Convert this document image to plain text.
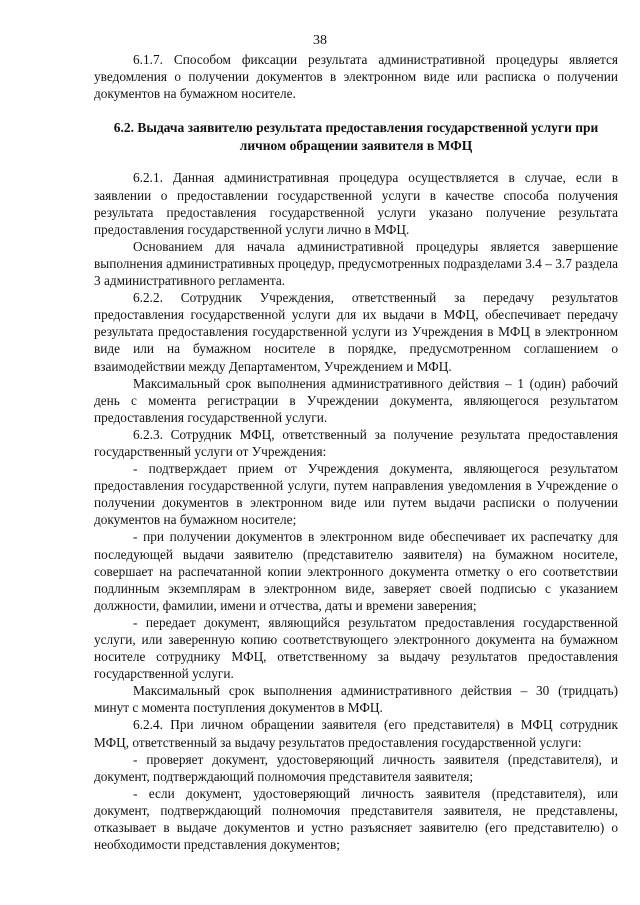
38

6.1.7. Способом фиксации результата административной процедуры является уведомления о получении документов в электронном виде или расписка о получении документов на бумажном носителе.

6.2. Выдача заявителю результата предоставления государственной услуги при личном обращении заявителя в МФЦ

6.2.1. Данная административная процедура осуществляется в случае, если в заявлении о предоставлении государственной услуги в качестве способа получения результата предоставления государственной услуги указано получение результата предоставления государственной услуги лично в МФЦ.

Основанием для начала административной процедуры является завершение выполнения административных процедур, предусмотренных подразделами 3.4 – 3.7 раздела 3 административного регламента.

6.2.2. Сотрудник Учреждения, ответственный за передачу результатов предоставления государственной услуги для их выдачи в МФЦ, обеспечивает передачу результата предоставления государственной услуги из Учреждения в МФЦ в электронном виде или на бумажном носителе в порядке, предусмотренном соглашением о взаимодействии между Департаментом, Учреждением и МФЦ.

Максимальный срок выполнения административного действия – 1 (один) рабочий день с момента регистрации в Учреждении документа, являющегося результатом предоставления государственной услуги.

6.2.3. Сотрудник МФЦ, ответственный за получение результата предоставления государственный услуги от Учреждения:

- подтверждает прием от Учреждения документа, являющегося результатом предоставления государственной услуги, путем направления уведомления в Учреждение о получении документов в электронном виде или путем выдачи расписки о получении документов на бумажном носителе;

- при получении документов в электронном виде обеспечивает их распечатку для последующей выдачи заявителю (представителю заявителя) на бумажном носителе, совершает на распечатанной копии электронного документа отметку о его соответствии подлинным экземплярам в электронном виде, заверяет своей подписью с указанием должности, фамилии, имени и отчества, даты и времени заверения;

- передает документ, являющийся результатом предоставления государственной услуги, или заверенную копию соответствующего электронного документа на бумажном носителе сотруднику МФЦ, ответственному за выдачу результатов предоставления государственной услуги.

Максимальный срок выполнения административного действия – 30 (тридцать) минут с момента поступления документов в МФЦ.

6.2.4. При личном обращении заявителя (его представителя) в МФЦ сотрудник МФЦ, ответственный за выдачу результатов предоставления государственной услуги:

- проверяет документ, удостоверяющий личность заявителя (представителя), и документ, подтверждающий полномочия представителя заявителя;

- если документ, удостоверяющий личность заявителя (представителя), или документ, подтверждающий полномочия представителя заявителя, не представлены, отказывает в выдаче документов и устно разъясняет заявителю (его представителю) о необходимости представления документов;
